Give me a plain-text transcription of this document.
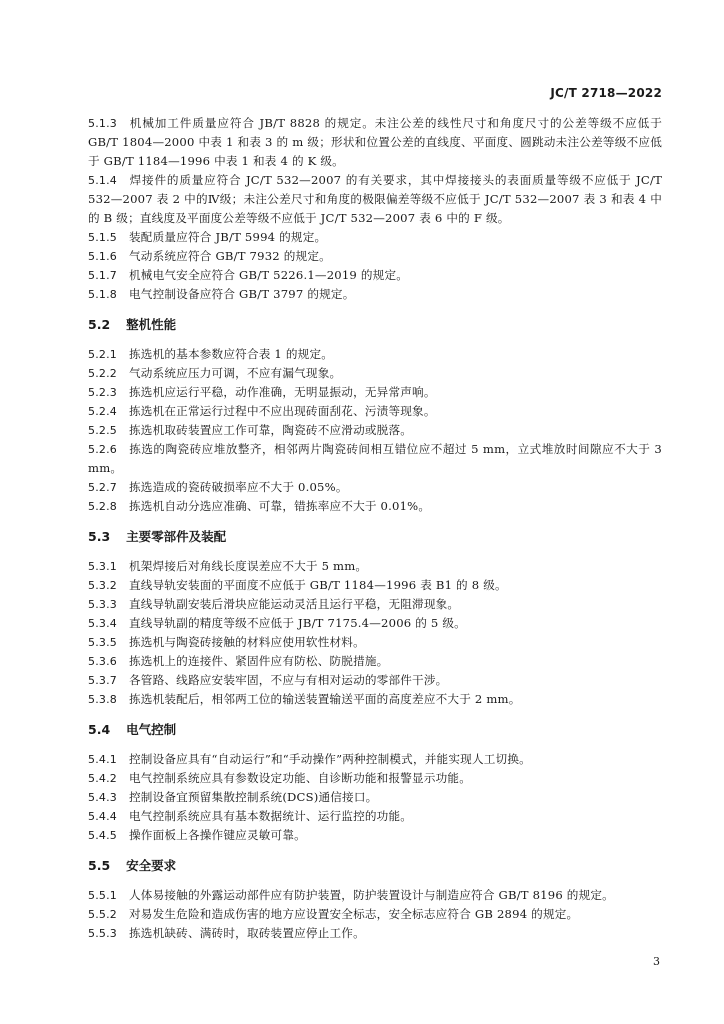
JC/T 2718—2022

5.1.3 机械加工件质量应符合 JB/T 8828 的规定。未注公差的线性尺寸和角度尺寸的公差等级不应低于 GB/T 1804—2000 中表 1 和表 3 的 m 级；形状和位置公差的直线度、平面度、圆跳动未注公差等级不应低于 GB/T 1184—1996 中表 1 和表 4 的 K 级。

5.1.4 焊接件的质量应符合 JC/T 532—2007 的有关要求，其中焊接接头的表面质量等级不应低于 JC/T 532—2007 表 2 中的Ⅳ级；未注公差尺寸和角度的极限偏差等级不应低于 JC/T 532—2007 表 3 和表 4 中的 B 级；直线度及平面度公差等级不应低于 JC/T 532—2007 表 6 中的 F 级。

5.1.5 装配质量应符合 JB/T 5994 的规定。

5.1.6 气动系统应符合 GB/T 7932 的规定。

5.1.7 机械电气安全应符合 GB/T 5226.1—2019 的规定。

5.1.8 电气控制设备应符合 GB/T 3797 的规定。

5.2 整机性能

5.2.1 拣选机的基本参数应符合表 1 的规定。

5.2.2 气动系统应压力可调，不应有漏气现象。

5.2.3 拣选机应运行平稳，动作准确，无明显振动，无异常声响。

5.2.4 拣选机在正常运行过程中不应出现砖面刮花、污渍等现象。

5.2.5 拣选机取砖装置应工作可靠，陶瓷砖不应滑动或脱落。

5.2.6 拣选的陶瓷砖应堆放整齐，相邻两片陶瓷砖间相互错位应不超过 5 mm，立式堆放时间隙应不大于 3 mm。

5.2.7 拣选造成的瓷砖破损率应不大于 0.05%。

5.2.8 拣选机自动分选应准确、可靠，错拣率应不大于 0.01%。

5.3 主要零部件及装配

5.3.1 机架焊接后对角线长度误差应不大于 5 mm。

5.3.2 直线导轨安装面的平面度不应低于 GB/T 1184—1996 表 B1 的 8 级。

5.3.3 直线导轨副安装后滑块应能运动灵活且运行平稳，无阻滞现象。

5.3.4 直线导轨副的精度等级不应低于 JB/T 7175.4—2006 的 5 级。

5.3.5 拣选机与陶瓷砖接触的材料应使用软性材料。

5.3.6 拣选机上的连接件、紧固件应有防松、防脱措施。

5.3.7 各管路、线路应安装牢固，不应与有相对运动的零部件干涉。

5.3.8 拣选机装配后，相邻两工位的输送装置输送平面的高度差应不大于 2 mm。

5.4 电气控制

5.4.1 控制设备应具有“自动运行”和“手动操作”两种控制模式，并能实现人工切换。

5.4.2 电气控制系统应具有参数设定功能、自诊断功能和报警显示功能。

5.4.3 控制设备宜预留集散控制系统(DCS)通信接口。

5.4.4 电气控制系统应具有基本数据统计、运行监控的功能。

5.4.5 操作面板上各操作键应灵敏可靠。

5.5 安全要求

5.5.1 人体易接触的外露运动部件应有防护装置，防护装置设计与制造应符合 GB/T 8196 的规定。

5.5.2 对易发生危险和造成伤害的地方应设置安全标志，安全标志应符合 GB 2894 的规定。

5.5.3 拣选机缺砖、满砖时，取砖装置应停止工作。

3
